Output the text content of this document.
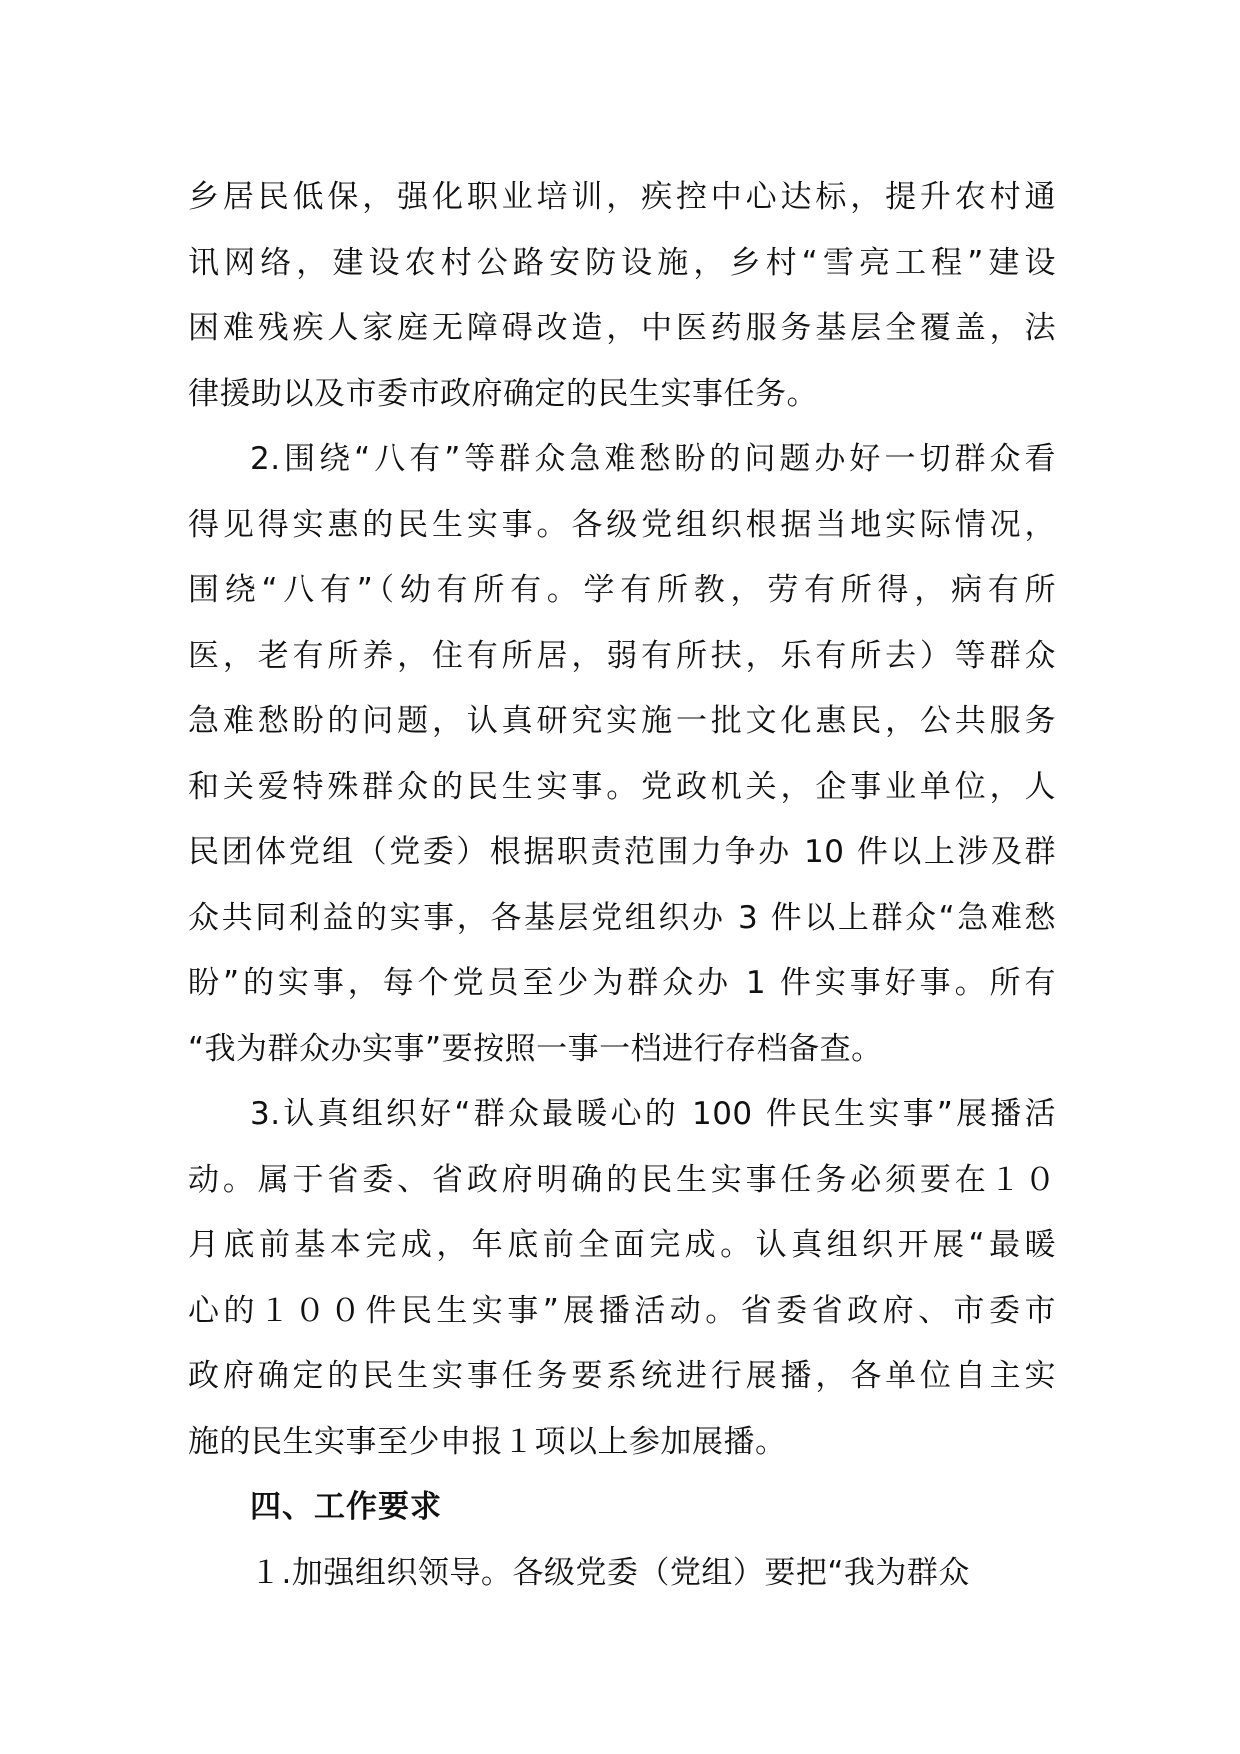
乡居民低保，强化职业培训，疾控中心达标，提升农村通
讯网络，建设农村公路安防设施，乡村“雪亮工程”建设
困难残疾人家庭无障碍改造，中医药服务基层全覆盖，法
律援助以及市委市政府确定的民生实事任务。
2.围绕“八有”等群众急难愁盼的问题办好一切群众看
得见得实惠的民生实事。各级党组织根据当地实际情况，
围绕“八有”（幼有所有。学有所教，劳有所得，病有所
医，老有所养，住有所居，弱有所扶，乐有所去）等群众
急难愁盼的问题，认真研究实施一批文化惠民，公共服务
和关爱特殊群众的民生实事。党政机关，企事业单位，人
民团体党组（党委）根据职责范围力争办 10 件以上涉及群
众共同利益的实事，各基层党组织办 3 件以上群众“急难愁
盼”的实事，每个党员至少为群众办 1 件实事好事。所有
“我为群众办实事”要按照一事一档进行存档备查。
3.认真组织好“群众最暖心的 100 件民生实事”展播活
动。属于省委、省政府明确的民生实事任务必须要在１０
月底前基本完成，年底前全面完成。认真组织开展“最暖
心的１００件民生实事”展播活动。省委省政府、市委市
政府确定的民生实事任务要系统进行展播，各单位自主实
施的民生实事至少申报１项以上参加展播。
四、工作要求
１.加强组织领导。各级党委（党组）要把“我为群众
